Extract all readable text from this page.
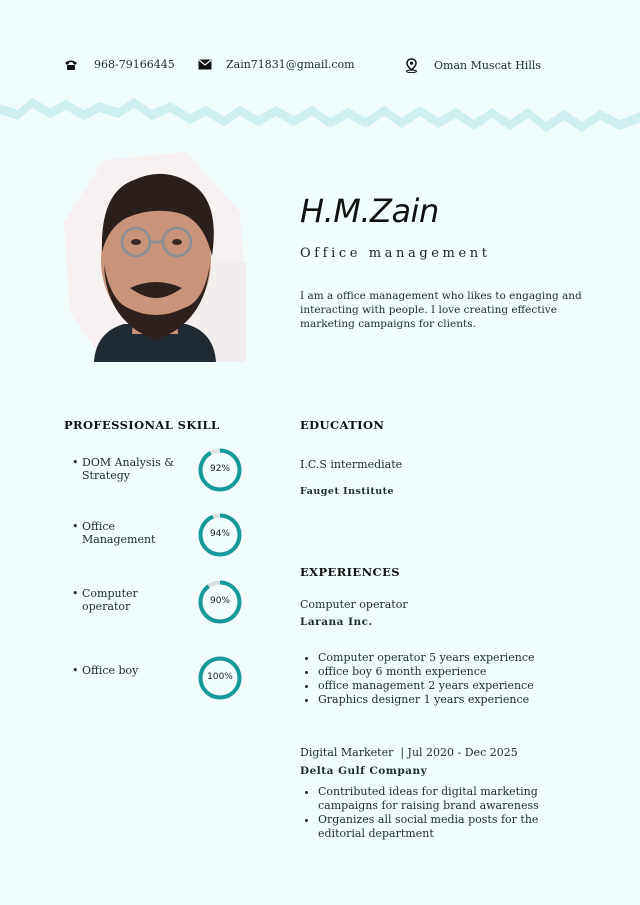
968-79166445	Zain71831@gmail.com	Oman Muscat Hills
H.M.Zain
Office management
I am a office management who likes to engaging and interacting with people. I love creating effective marketing campaigns for clients.
PROFESSIONAL SKILL
• DOM Analysis & Strategy	92%
• Office Management	94%
• Computer operator	90%
• Office boy	100%
EDUCATION
I.C.S intermediate
Fauget Institute
EXPERIENCES
Computer operator
Larana Inc.
• Computer operator 5 years experience
• office boy 6 month experience
• office management 2 years experience
• Graphics designer 1 years experience
Digital Marketer  | Jul 2020 - Dec 2025
Delta Gulf Company
• Contributed ideas for digital marketing campaigns for raising brand awareness
• Organizes all social media posts for the editorial department
